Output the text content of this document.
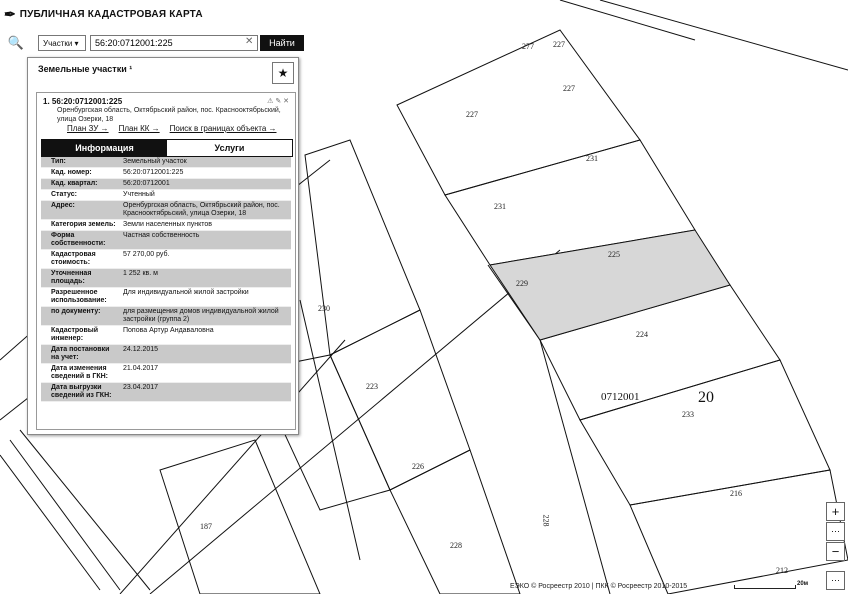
277 227
227
227
231
231
225
229
224
230
223
233
226
216
187	228
228
212
0712001	20
✒ ПУБЛИЧНАЯ КАДАСТРОВАЯ КАРТА
🔍	Участки ▾
56:20:0712001:225	✕	Найти
Земельные участки ¹	★
1. 56:20:0712001:225
Оренбургская область, Октябрьский район, пос. Краснооктябрьский, улица Озерки, 18
⚠ ✎ ✕
План ЗУ → План КК → Поиск в границах объекта →
Информация	Услуги
Тип:	Земельный участок
Кад. номер:	56:20:0712001:225
Кад. квартал:	56:20:0712001
Статус:	Учтенный
Адрес:	Оренбургская область, Октябрьский район, пос. Краснооктябрьский, улица Озерки, 18
Категория земель:	Земли населенных пунктов
Форма собственности:
Частная собственность
Кадастровая стоимость:
57 270,00 руб.
Уточненная площадь:
1 252 кв. м
Разрешенное использование:
Для индивидуальной жилой застройки
по документу:	для размещения домов индивидуальной жилой застройки (группа 2)
Кадастровый инженер:
Попова Артур Андаваловна
Дата постановки на учет:
24.12.2015
Дата изменения сведений в ГКН:
21.04.2017
Дата выгрузки сведений из ГКН:
23.04.2017
+
⋯
−
⋯
ЕЭКО © Росреестр 2010 | ПКК © Росреестр 2010-2015	20м
